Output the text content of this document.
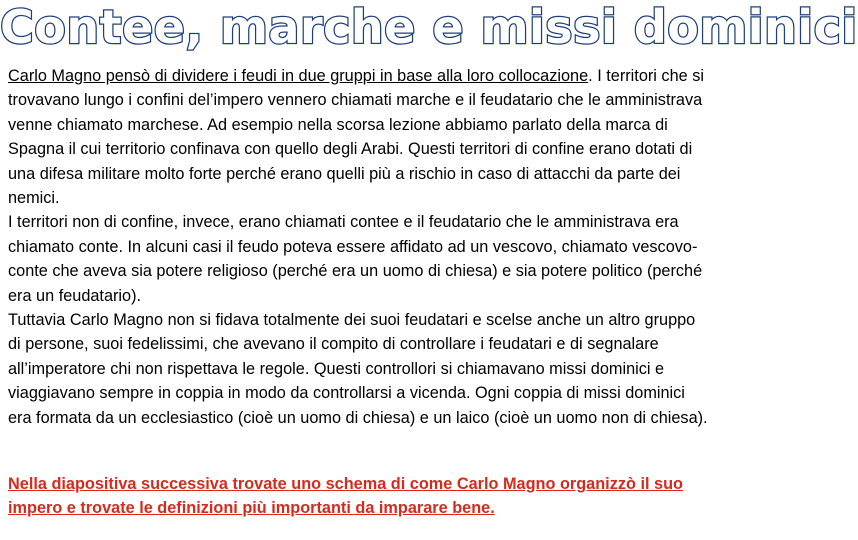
Contee, marche e missi dominici

Carlo Magno pensò di dividere i feudi in due gruppi in base alla loro collocazione. I territori che si trovavano lungo i confini del’impero vennero chiamati marche e il feudatario che le amministrava venne chiamato marchese. Ad esempio nella scorsa lezione abbiamo parlato della marca di Spagna il cui territorio confinava con quello degli Arabi. Questi territori di confine erano dotati di una difesa militare molto forte perché erano quelli più a rischio in caso di attacchi da parte dei nemici.

I territori non di confine, invece, erano chiamati contee e il feudatario che le amministrava era chiamato conte. In alcuni casi il feudo poteva essere affidato ad un vescovo, chiamato vescovo-conte che aveva sia potere religioso (perché era un uomo di chiesa) e sia potere politico (perché era un feudatario).

Tuttavia Carlo Magno non si fidava totalmente dei suoi feudatari e scelse anche un altro gruppo di persone, suoi fedelissimi, che avevano il compito di controllare i feudatari e di segnalare all’imperatore chi non rispettava le regole. Questi controllori si chiamavano missi dominici e viaggiavano sempre in coppia in modo da controllarsi a vicenda. Ogni coppia di missi dominici era formata da un ecclesiastico (cioè un uomo di chiesa) e un laico (cioè un uomo non di chiesa).

Nella diapositiva successiva trovate uno schema di come Carlo Magno organizzò il suo impero e trovate le definizioni più importanti da imparare bene.
